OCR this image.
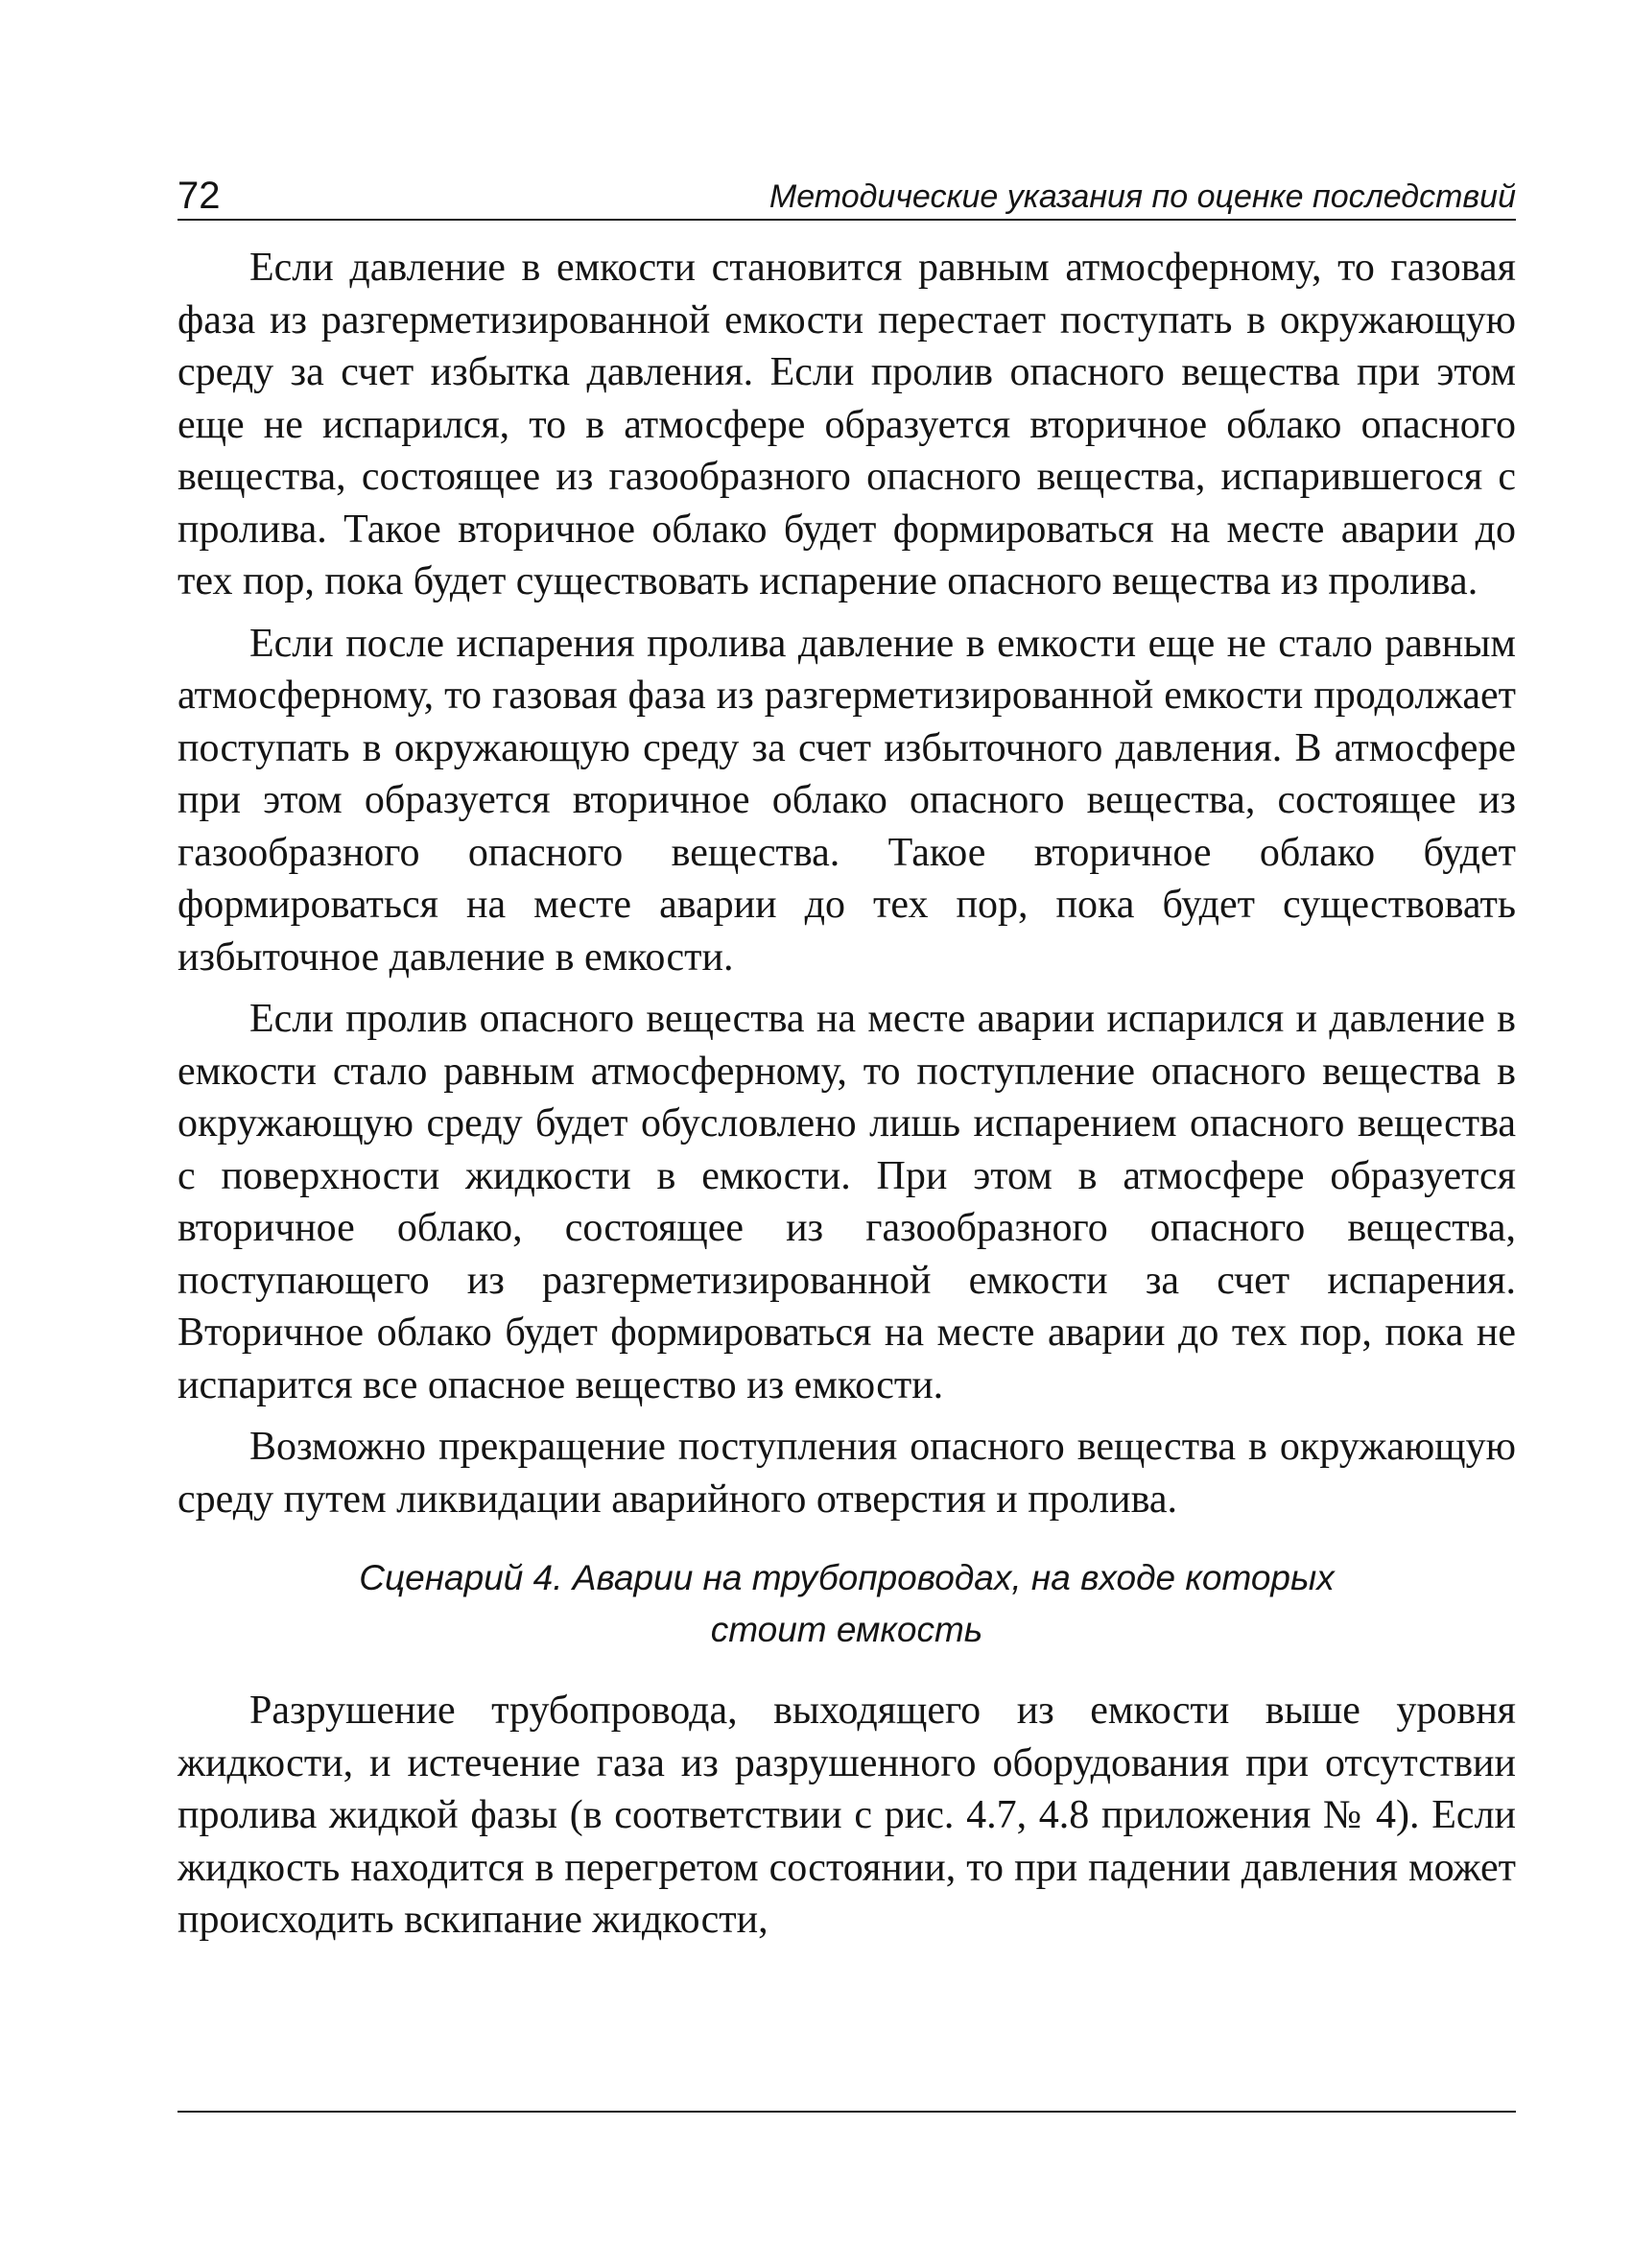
72	Методические указания по оценке последствий

Если давление в емкости становится равным атмосферному, то газовая фаза из разгерметизированной емкости перестает поступать в окружающую среду за счет избытка давления. Если пролив опасного вещества при этом еще не испарился, то в атмосфере образуется вторичное облако опасного вещества, состоящее из газообразного опасного вещества, испарившегося с пролива. Такое вторичное облако будет формироваться на месте аварии до тех пор, пока будет существовать испарение опасного вещества из пролива.

Если после испарения пролива давление в емкости еще не стало равным атмосферному, то газовая фаза из разгерметизированной емкости продолжает поступать в окружающую среду за счет избыточного давления. В атмосфере при этом образуется вторичное облако опасного вещества, состоящее из газообразного опасного вещества. Такое вторичное облако будет формироваться на месте аварии до тех пор, пока будет существовать избыточное давление в емкости.

Если пролив опасного вещества на месте аварии испарился и давление в емкости стало равным атмосферному, то поступление опасного вещества в окружающую среду будет обусловлено лишь испарением опасного вещества с поверхности жидкости в емкости. При этом в атмосфере образуется вторичное облако, состоящее из газообразного опасного вещества, поступающего из разгерметизированной емкости за счет испарения. Вторичное облако будет формироваться на месте аварии до тех пор, пока не испарится все опасное вещество из емкости.

Возможно прекращение поступления опасного вещества в окружающую среду путем ликвидации аварийного отверстия и пролива.

Сценарий 4. Аварии на трубопроводах, на входе которых
стоит емкость

Разрушение трубопровода, выходящего из емкости выше уровня жидкости, и истечение газа из разрушенного оборудования при отсутствии пролива жидкой фазы (в соответствии с рис. 4.7, 4.8 приложения № 4). Если жидкость находится в перегретом состоянии, то при падении давления может происходить вскипание жидкости,
